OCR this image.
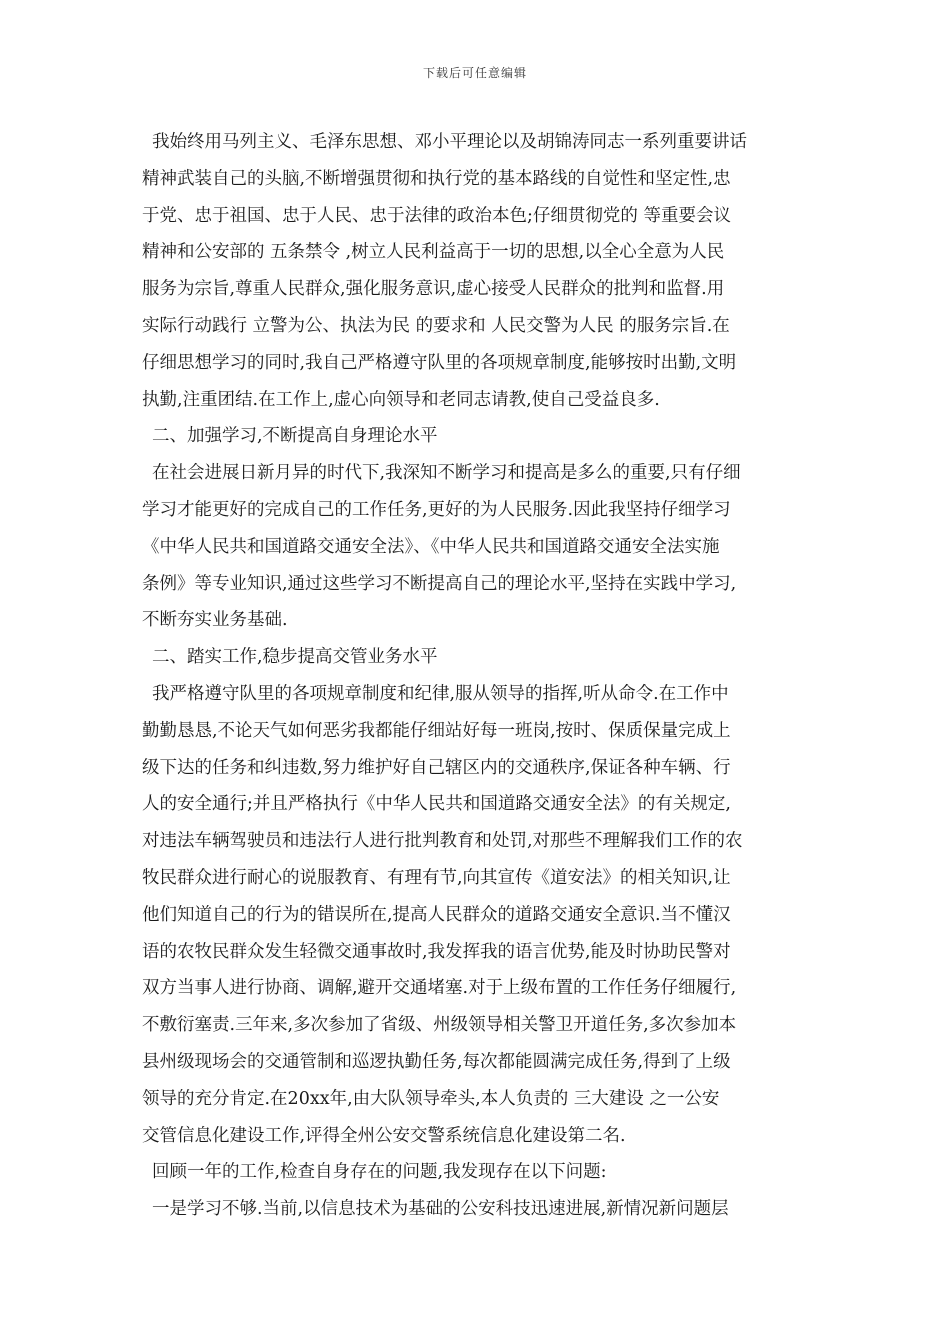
下载后可任意编辑
我始终用马列主义、毛泽东思想、邓小平理论以及胡锦涛同志一系列重要讲话
精神武装自己的头脑,不断增强贯彻和执行党的基本路线的自觉性和坚定性,忠
于党、忠于祖国、忠于人民、忠于法律的政治本色;仔细贯彻党的 等重要会议
精神和公安部的 五条禁令 ,树立人民利益高于一切的思想,以全心全意为人民
服务为宗旨,尊重人民群众,强化服务意识,虚心接受人民群众的批判和监督.用
实际行动践行 立警为公、执法为民 的要求和 人民交警为人民 的服务宗旨.在
仔细思想学习的同时,我自己严格遵守队里的各项规章制度,能够按时出勤,文明
执勤,注重团结.在工作上,虚心向领导和老同志请教,使自己受益良多.
二、加强学习,不断提高自身理论水平
在社会进展日新月异的时代下,我深知不断学习和提高是多么的重要,只有仔细
学习才能更好的完成自己的工作任务,更好的为人民服务.因此我坚持仔细学习
《中华人民共和国道路交通安全法》、《中华人民共和国道路交通安全法实施
条例》等专业知识,通过这些学习不断提高自己的理论水平,坚持在实践中学习,
不断夯实业务基础.
二、踏实工作,稳步提高交管业务水平
我严格遵守队里的各项规章制度和纪律,服从领导的指挥,听从命令.在工作中
勤勤恳恳,不论天气如何恶劣我都能仔细站好每一班岗,按时、保质保量完成上
级下达的任务和纠违数,努力维护好自己辖区内的交通秩序,保证各种车辆、行
人的安全通行;并且严格执行《中华人民共和国道路交通安全法》的有关规定,
对违法车辆驾驶员和违法行人进行批判教育和处罚,对那些不理解我们工作的农
牧民群众进行耐心的说服教育、有理有节,向其宣传《道安法》的相关知识,让
他们知道自己的行为的错误所在,提高人民群众的道路交通安全意识.当不懂汉
语的农牧民群众发生轻微交通事故时,我发挥我的语言优势,能及时协助民警对
双方当事人进行协商、调解,避开交通堵塞.对于上级布置的工作任务仔细履行,
不敷衍塞责.三年来,多次参加了省级、州级领导相关警卫开道任务,多次参加本
县州级现场会的交通管制和巡逻执勤任务,每次都能圆满完成任务,得到了上级
领导的充分肯定.在20xx年,由大队领导牵头,本人负责的 三大建设 之一公安
交管信息化建设工作,评得全州公安交警系统信息化建设第二名.
回顾一年的工作,检查自身存在的问题,我发现存在以下问题:
一是学习不够.当前,以信息技术为基础的公安科技迅速进展,新情况新问题层
